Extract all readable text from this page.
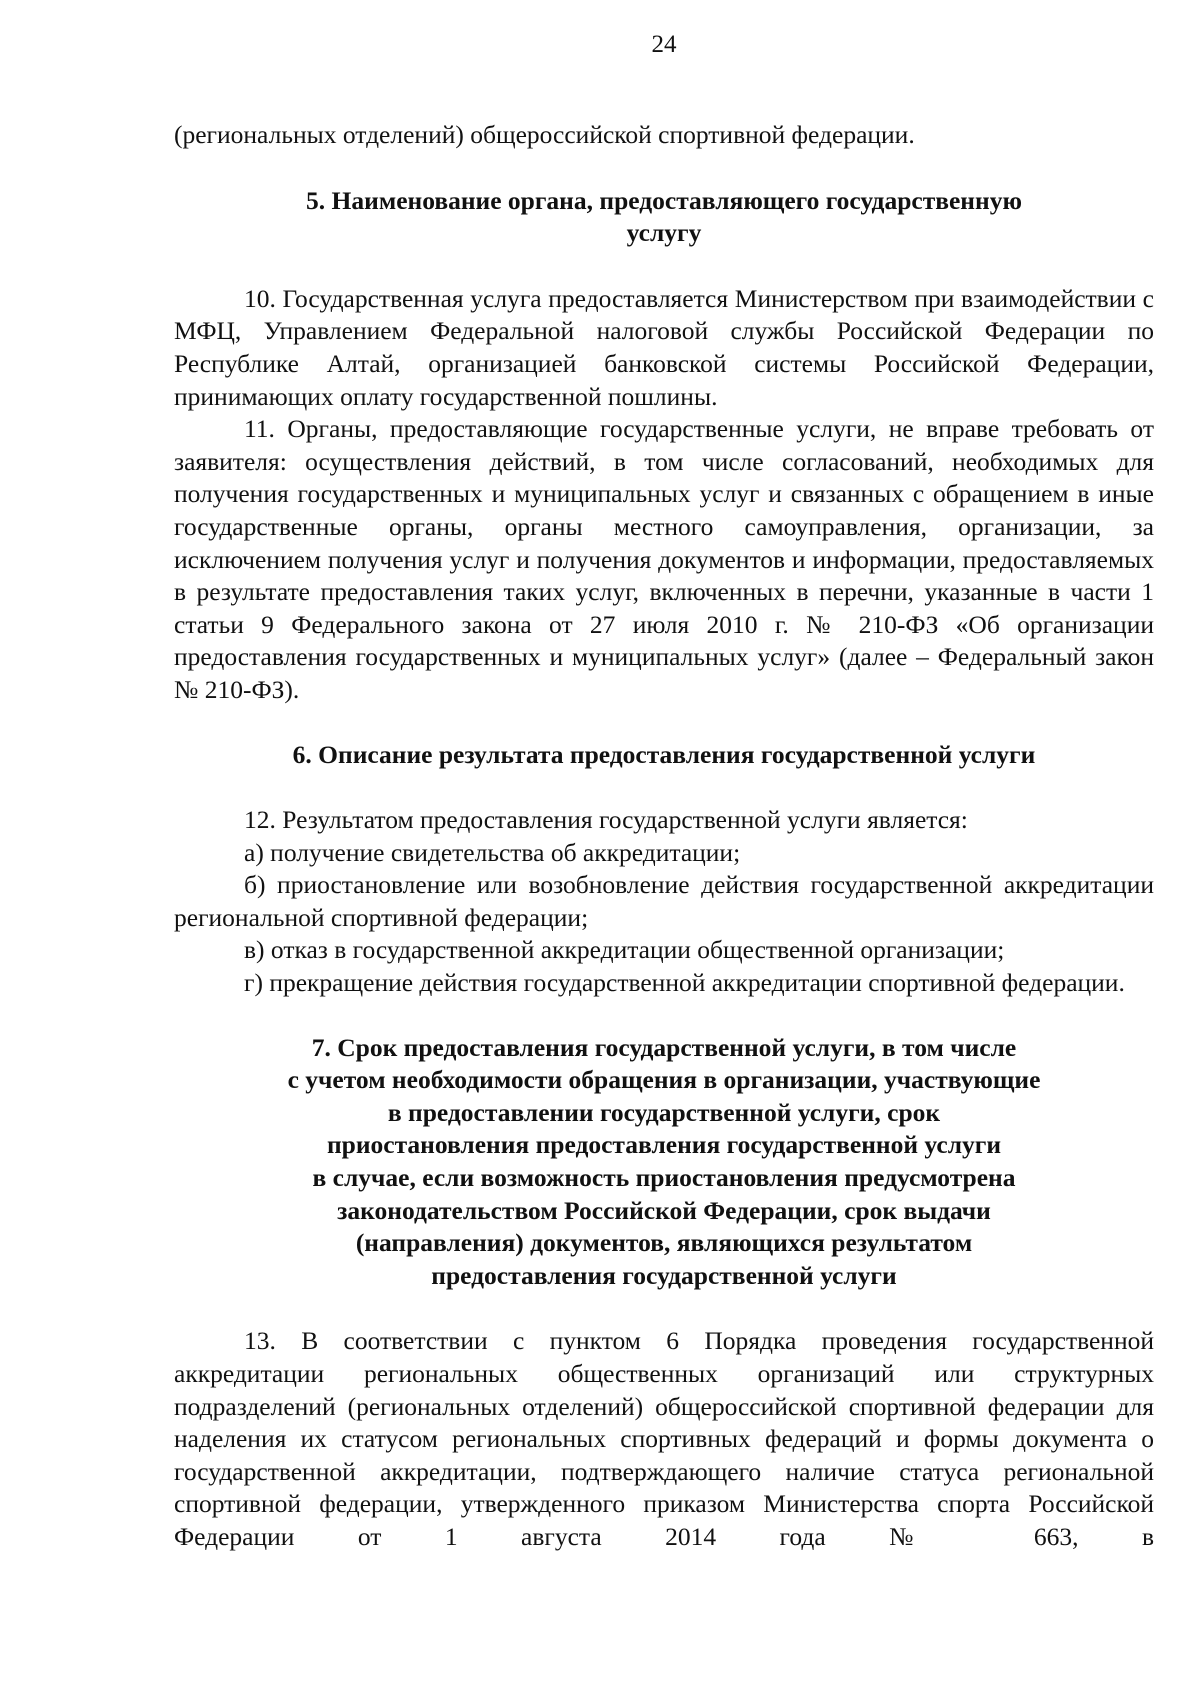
24

(региональных отделений) общероссийской спортивной федерации.

5. Наименование органа, предоставляющего государственную
услугу

10. Государственная услуга предоставляется Министерством при взаимодействии с МФЦ, Управлением Федеральной налоговой службы Российской Федерации по Республике Алтай, организацией банковской системы Российской Федерации, принимающих оплату государственной пошлины.

11. Органы, предоставляющие государственные услуги, не вправе требовать от заявителя: осуществления действий, в том числе согласований, необходимых для получения государственных и муниципальных услуг и связанных с обращением в иные государственные органы, органы местного самоуправления, организации, за исключением получения услуг и получения документов и информации, предоставляемых в результате предоставления таких услуг, включенных в перечни, указанные в части 1 статьи 9 Федерального закона от 27 июля 2010 г. № 210-ФЗ «Об организации предоставления государственных и муниципальных услуг» (далее – Федеральный закон № 210-ФЗ).

6. Описание результата предоставления государственной услуги

12. Результатом предоставления государственной услуги является:

а) получение свидетельства об аккредитации;

б) приостановление или возобновление действия государственной аккредитации региональной спортивной федерации;

в) отказ в государственной аккредитации общественной организации;

г) прекращение действия государственной аккредитации спортивной федерации.

7. Срок предоставления государственной услуги, в том числе
с учетом необходимости обращения в организации, участвующие
в предоставлении государственной услуги, срок
приостановления предоставления государственной услуги
в случае, если возможность приостановления предусмотрена
законодательством Российской Федерации, срок выдачи
(направления) документов, являющихся результатом
предоставления государственной услуги

13. В соответствии с пунктом 6 Порядка проведения государственной аккредитации региональных общественных организаций или структурных подразделений (региональных отделений) общероссийской спортивной федерации для наделения их статусом региональных спортивных федераций и формы документа о государственной аккредитации, подтверждающего наличие статуса региональной спортивной федерации, утвержденного приказом Министерства спорта Российской Федерации от 1 августа 2014 года № 663, в
